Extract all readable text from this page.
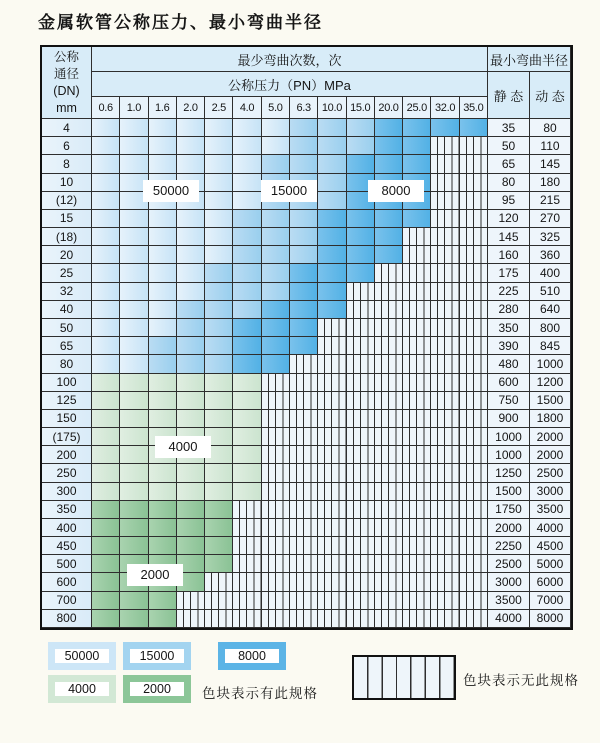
金属软管公称压力、最小弯曲半径
公称
通径
(DN)
mm
最少弯曲次数，次	最小弯曲半径
公称压力（PN）MPa
静 态 动 态
0.6	1.0	1.6	2.0	2.5	4.0	5.0	6.3 10.0 15.0 20.0 25.0 32.0 35.0
4	35	80
6	50	110
8	65	145
10	80	180
(12)	95	215
15	120	270
(18)	145	325
20	160	360
25	175	400
32	225	510
40	280	640
50	350	800
65	390	845
80	480	1000
100	600	1200
125	750	1500
150	900	1800
(175)	1000	2000
200	1000	2000
250	1250	2500
300	1500	3000
350	1750	3500
400	2000	4000
450	2250	4500
500	2500	5000
600	3000	6000
700	3500	7000
800	4000	8000
50000	15000	8000
4000
2000
色块表示有此规格
色块表示无此规格
50000	15000	8000
4000	2000
